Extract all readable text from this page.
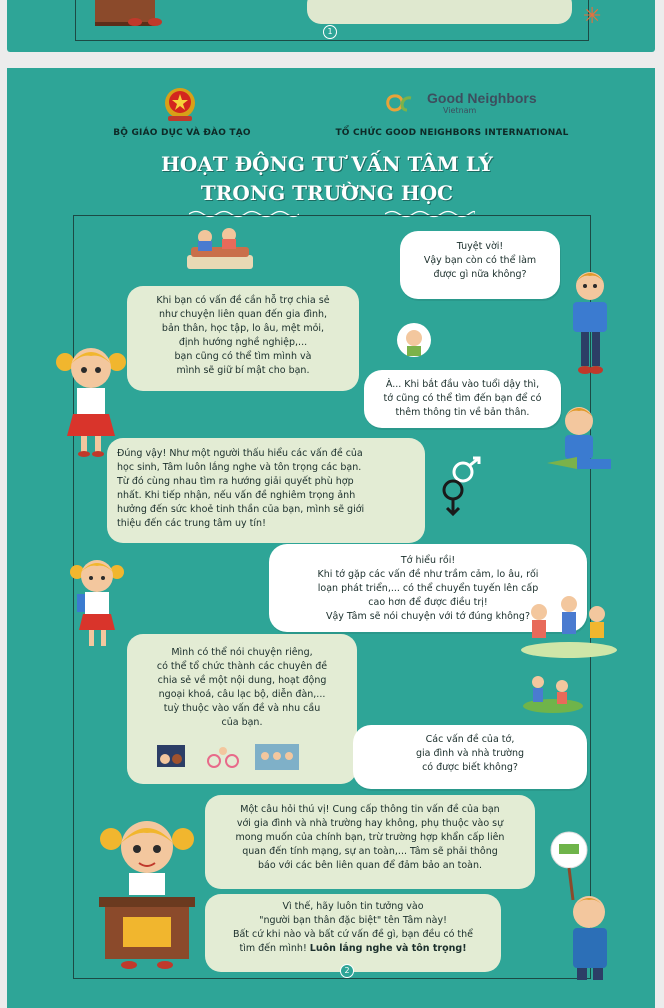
✳
1
BỘ GIÁO DỤC VÀ ĐÀO TẠO
Good Neighbors
Vietnam
TỔ CHỨC GOOD NEIGHBORS INTERNATIONAL
HOẠT ĐỘNG TƯ VẤN TÂM LÝ
TRONG TRƯỜNG HỌC
Tuyệt vời!
Vậy bạn còn có thể làm
được gì nữa không?
Khi bạn có vấn đề cần hỗ trợ chia sẻ
như chuyện liên quan đến gia đình,
bản thân, học tập, lo âu, mệt mỏi,
định hướng nghề nghiệp,...
bạn cũng có thể tìm mình và
mình sẽ giữ bí mật cho bạn.
À... Khi bắt đầu vào tuổi dậy thì,
tớ cũng có thể tìm đến bạn để có
thêm thông tin về bản thân.
Đúng vậy! Như một người thấu hiểu các vấn đề của
học sinh, Tâm luôn lắng nghe và tôn trọng các bạn.
Từ đó cùng nhau tìm ra hướng giải quyết phù hợp
nhất. Khi tiếp nhận, nếu vấn đề nghiêm trọng ảnh
hưởng đến sức khoẻ tinh thần của bạn, mình sẽ giới
thiệu đến các trung tâm uy tín!
Tớ hiểu rồi!
Khi tớ gặp các vấn đề như trầm cảm, lo âu, rối
loạn phát triển,... có thể chuyển tuyến lên cấp
cao hơn để được điều trị!
Vậy Tâm sẽ nói chuyện với tớ đúng không?
Mình có thể nói chuyện riêng,
có thể tổ chức thành các chuyên đề
chia sẻ về một nội dung, hoạt động
ngoại khoá, câu lạc bộ, diễn đàn,...
tuỳ thuộc vào vấn đề và nhu cầu
của bạn.
Các vấn đề của tớ,
gia đình và nhà trường
có được biết không?
Một câu hỏi thú vị! Cung cấp thông tin vấn đề của bạn
với gia đình và nhà trường hay không, phụ thuộc vào sự
mong muốn của chính bạn, trừ trường hợp khẩn cấp liên
quan đến tính mạng, sự an toàn,... Tâm sẽ phải thông
báo với các bên liên quan để đảm bảo an toàn.
Vì thế, hãy luôn tin tưởng vào
"người bạn thân đặc biệt" tên Tâm này!
Bất cứ khi nào và bất cứ vấn đề gì, bạn đều có thể
tìm đến mình! Luôn lắng nghe và tôn trọng!
2
